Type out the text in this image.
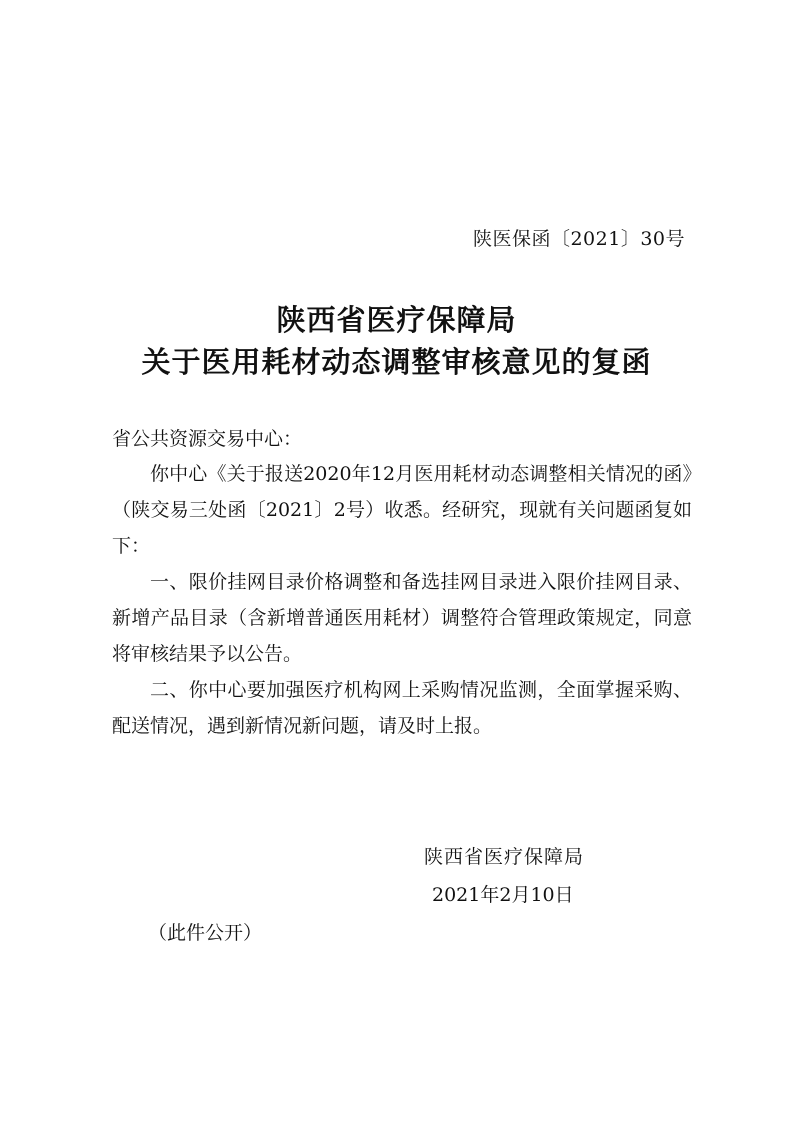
陕医保函〔2021〕30号
陕西省医疗保障局
关于医用耗材动态调整审核意见的复函
省公共资源交易中心：
你中心《关于报送2020年12月医用耗材动态调整相关情况的函》（陕交易三处函〔2021〕2号）收悉。经研究，现就有关问题函复如下：
一、限价挂网目录价格调整和备选挂网目录进入限价挂网目录、新增产品目录（含新增普通医用耗材）调整符合管理政策规定，同意将审核结果予以公告。
二、你中心要加强医疗机构网上采购情况监测，全面掌握采购、配送情况，遇到新情况新问题，请及时上报。
陕西省医疗保障局
2021年2月10日
（此件公开）
